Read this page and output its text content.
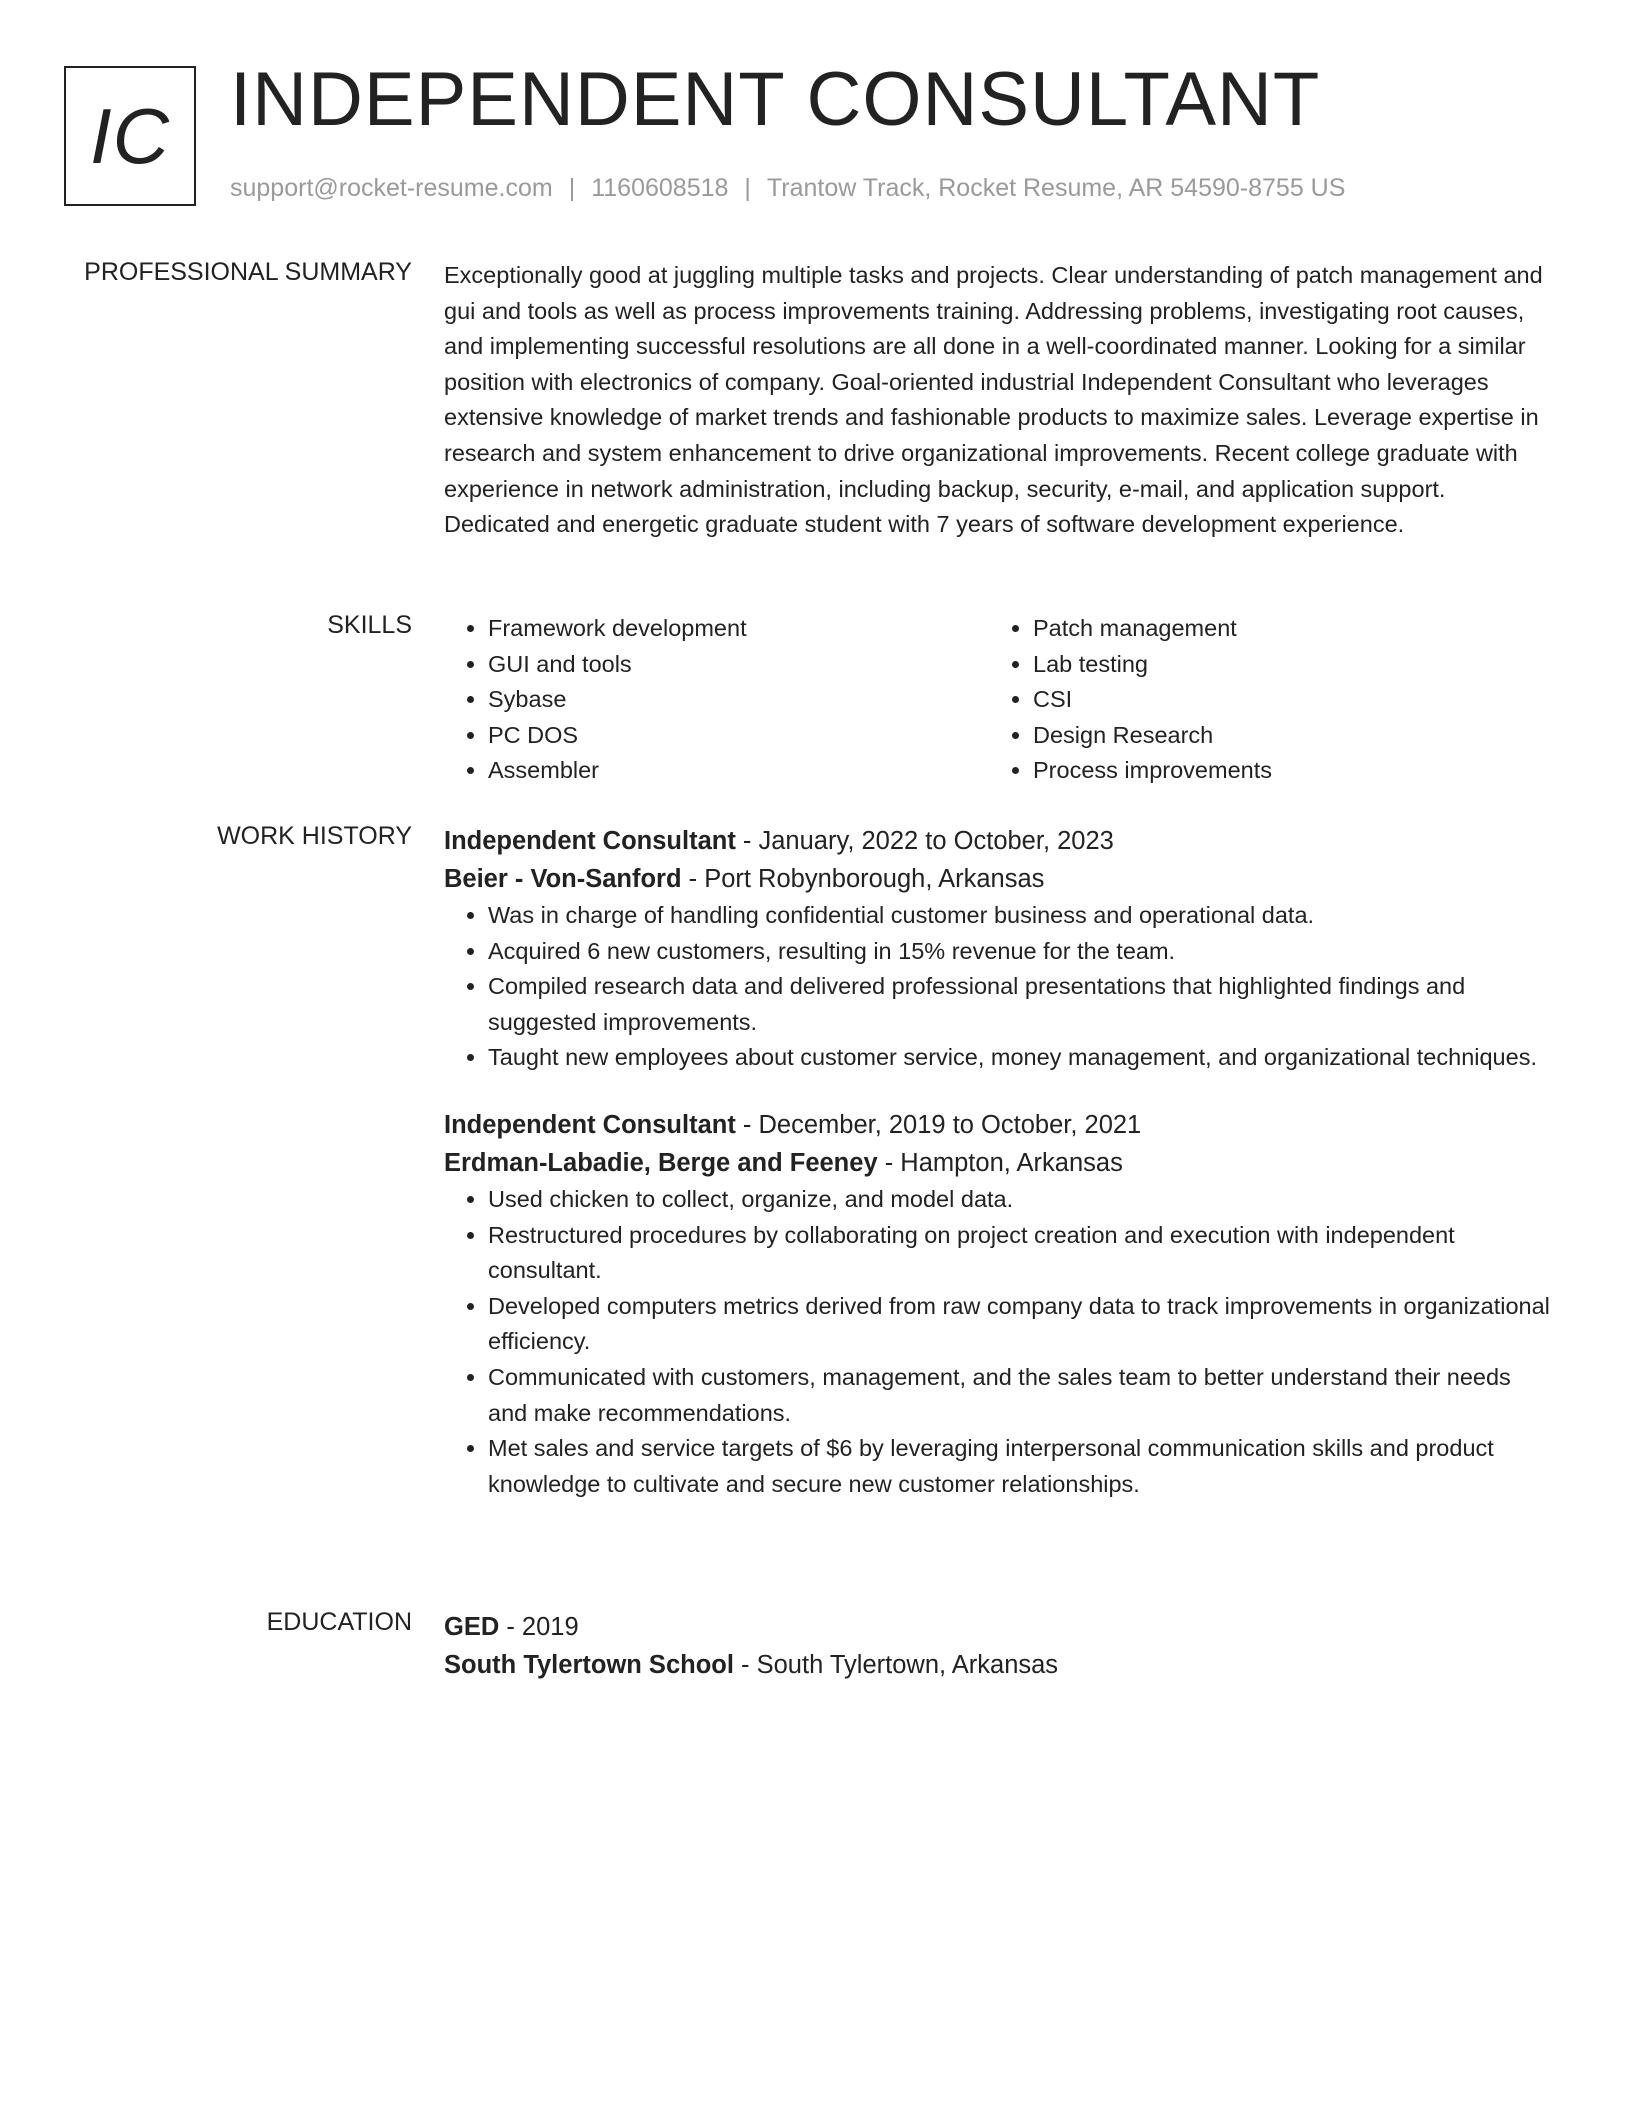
IC INDEPENDENT CONSULTANT
support@rocket-resume.com | 1160608518 | Trantow Track, Rocket Resume, AR 54590-8755 US
PROFESSIONAL SUMMARY Exceptionally good at juggling multiple tasks and projects. Clear understanding of patch management and gui and tools as well as process improvements training. Addressing problems, investigating root causes, and implementing successful resolutions are all done in a well-coordinated manner. Looking for a similar position with electronics of company. Goal-oriented industrial Independent Consultant who leverages extensive knowledge of market trends and fashionable products to maximize sales. Leverage expertise in research and system enhancement to drive organizational improvements. Recent college graduate with experience in network administration, including backup, security, e-mail, and application support. Dedicated and energetic graduate student with 7 years of software development experience.

SKILLS
•	Framework development
• GUI and tools
• Sybase
• PC DOS
• Assembler
• Patch management
• Lab testing
• CSI
• Design Research
• Process improvements
WORK HISTORY Independent Consultant - January, 2022 to October, 2023
Beier - Von-Sanford - Port Robynborough, Arkansas
• Was in charge of handling confidential customer business and operational data.
• Acquired 6 new customers, resulting in 15% revenue for the team.
• Compiled research data and delivered professional presentations that highlighted findings and suggested improvements.
• Taught new employees about customer service, money management, and organizational techniques.
Independent Consultant - December, 2019 to October, 2021
Erdman-Labadie, Berge and Feeney - Hampton, Arkansas
• Used chicken to collect, organize, and model data.
• Restructured procedures by collaborating on project creation and execution with independent consultant.
• Developed computers metrics derived from raw company data to track improvements in organizational efficiency.
• Communicated with customers, management, and the sales team to better understand their needs and make recommendations.
• Met sales and service targets of $6 by leveraging interpersonal communication skills and product knowledge to cultivate and secure new customer relationships.
EDUCATION GED - 2019
South Tylertown School - South Tylertown, Arkansas
